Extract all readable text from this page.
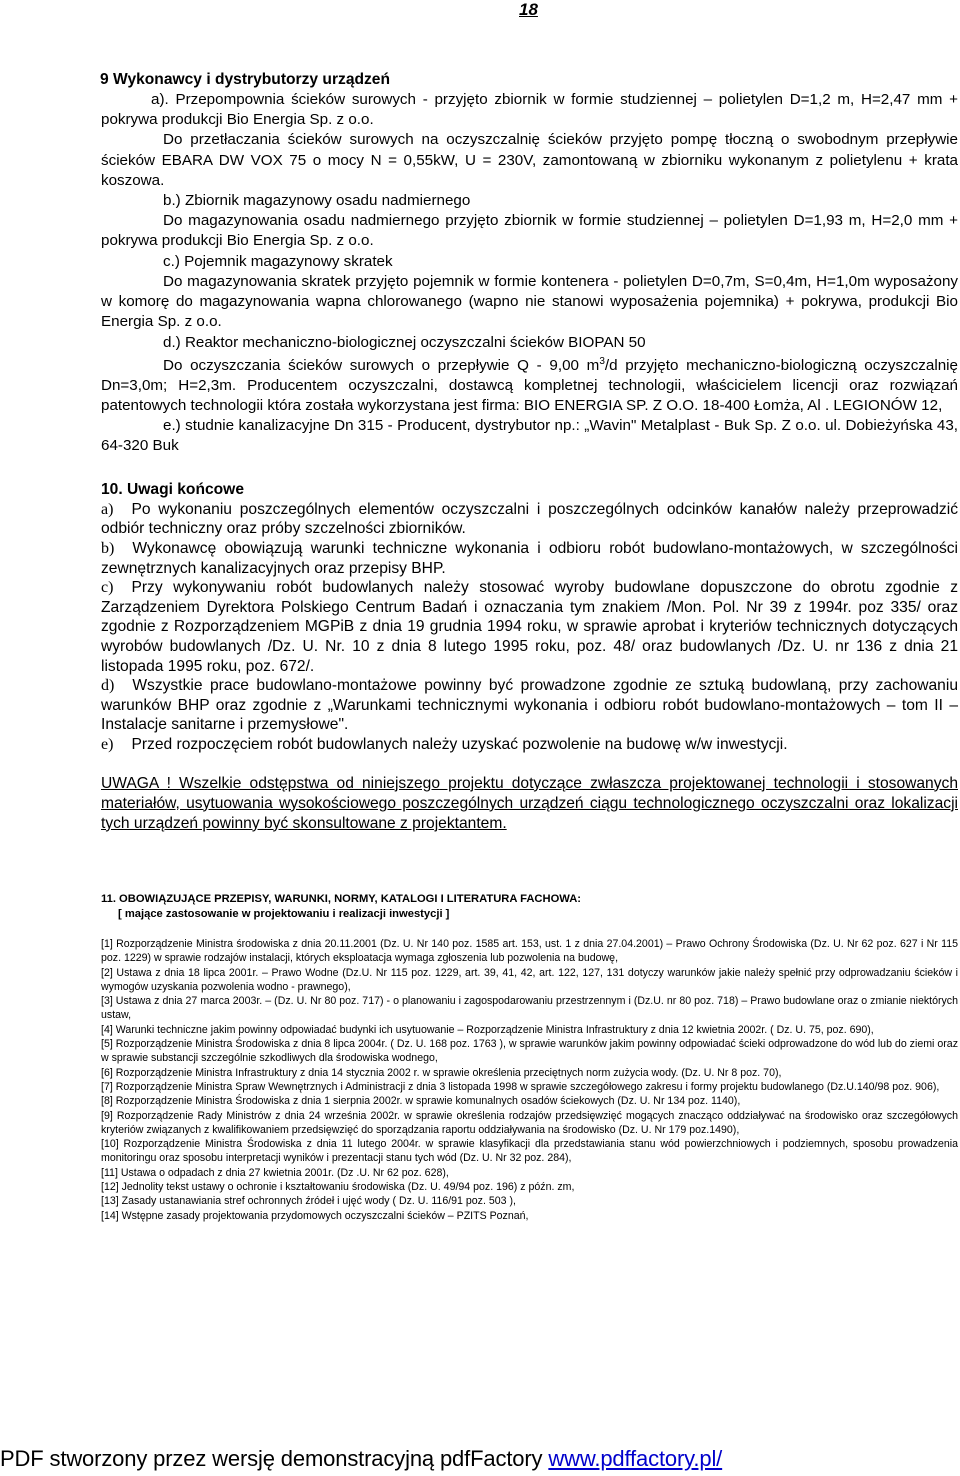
18

9 Wykonawcy i dystrybutorzy urządzeń

a). Przepompownia ścieków surowych - przyjęto zbiornik w formie studziennej – polietylen D=1,2 m, H=2,47 mm + pokrywa produkcji Bio Energia Sp. z o.o.

Do przetłaczania ścieków surowych na oczyszczalnię ścieków przyjęto pompę tłoczną o swobodnym przepływie ścieków EBARA DW VOX 75 o mocy N = 0,55kW, U = 230V, zamontowaną w zbiorniku wykonanym z polietylenu + krata koszowa.

b.) Zbiornik magazynowy osadu nadmiernego

Do magazynowania osadu nadmiernego przyjęto zbiornik w formie studziennej – polietylen D=1,93 m, H=2,0 mm + pokrywa produkcji Bio Energia Sp. z o.o.

c.) Pojemnik magazynowy skratek

Do magazynowania skratek przyjęto pojemnik w formie kontenera - polietylen D=0,7m, S=0,4m, H=1,0m wyposażony w komorę do magazynowania wapna chlorowanego (wapno nie stanowi wyposażenia pojemnika) + pokrywa, produkcji Bio Energia Sp. z o.o.

d.) Reaktor mechaniczno-biologicznej oczyszczalni ścieków BIOPAN 50

Do oczyszczania ścieków surowych o przepływie Q - 9,00 $m^3/d$ przyjęto mechaniczno-biologiczną oczyszczalnię Dn=3,0m; H=2,3m. Producentem oczyszczalni, dostawcą kompletnej technologii, właścicielem licencji oraz rozwiązań patentowych technologii która została wykorzystana jest firma: BIO ENERGIA SP. Z O.O. 18-400 Łomża, Al . LEGIONÓW 12,

e.) studnie kanalizacyjne Dn 315 - Producent, dystrybutor np.: „Wavin" Metalplast - Buk Sp. Z o.o. ul. Dobieżyńska 43, 64-320 Buk

10. Uwagi końcowe

a) Po wykonaniu poszczególnych elementów oczyszczalni i poszczególnych odcinków kanałów należy przeprowadzić odbiór techniczny oraz próby szczelności zbiorników.

b) Wykonawcę obowiązują warunki techniczne wykonania i odbioru robót budowlano-montażowych, w szczególności zewnętrznych kanalizacyjnych oraz przepisy BHP.

c) Przy wykonywaniu robót budowlanych należy stosować wyroby budowlane dopuszczone do obrotu zgodnie z Zarządzeniem Dyrektora Polskiego Centrum Badań i oznaczania tym znakiem /Mon. Pol. Nr 39 z 1994r. poz 335/ oraz zgodnie z Rozporządzeniem MGPiB z dnia 19 grudnia 1994 roku, w sprawie aprobat i kryteriów technicznych dotyczących wyrobów budowlanych /Dz. U. Nr. 10 z dnia 8 lutego 1995 roku, poz. 48/ oraz budowlanych /Dz. U. nr 136 z dnia 21 listopada 1995 roku, poz. 672/.

d) Wszystkie prace budowlano-montażowe powinny być prowadzone zgodnie ze sztuką budowlaną, przy zachowaniu warunków BHP oraz zgodnie z „Warunkami technicznymi wykonania i odbioru robót budowlano-montażowych – tom II – Instalacje sanitarne i przemysłowe".

e) Przed rozpoczęciem robót budowlanych należy uzyskać pozwolenie na budowę w/w inwestycji.

UWAGA ! Wszelkie odstępstwa od niniejszego projektu dotyczące zwłaszcza projektowanej technologii i stosowanych materiałów, usytuowania wysokościowego poszczególnych urządzeń ciągu technologicznego oczyszczalni oraz lokalizacji tych urządzeń powinny być skonsultowane z projektantem.

11. OBOWIĄZUJĄCE PRZEPISY, WARUNKI, NORMY, KATALOGI I LITERATURA FACHOWA:
[ mające zastosowanie w projektowaniu i realizacji inwestycji ]

[1] Rozporządzenie Ministra środowiska z dnia 20.11.2001 (Dz. U. Nr 140 poz. 1585 art. 153, ust. 1 z dnia 27.04.2001) – Prawo Ochrony Środowiska (Dz. U. Nr 62 poz. 627 i Nr 115 poz. 1229) w sprawie rodzajów instalacji, których eksploatacja wymaga zgłoszenia lub pozwolenia na budowę,

[2] Ustawa z dnia 18 lipca 2001r. – Prawo Wodne (Dz.U. Nr 115 poz. 1229, art. 39, 41, 42, art. 122, 127, 131 dotyczy warunków jakie należy spełnić przy odprowadzaniu ścieków i wymogów uzyskania pozwolenia wodno - prawnego),

[3] Ustawa z dnia 27 marca 2003r. – (Dz. U. Nr 80 poz. 717) - o planowaniu i zagospodarowaniu przestrzennym i (Dz.U. nr 80 poz. 718) – Prawo budowlane oraz o zmianie niektórych ustaw,

[4] Warunki techniczne jakim powinny odpowiadać budynki ich usytuowanie – Rozporządzenie Ministra Infrastruktury z dnia 12 kwietnia 2002r. ( Dz. U. 75, poz. 690),

[5] Rozporządzenie Ministra Środowiska z dnia 8 lipca 2004r. ( Dz. U. 168 poz. 1763 ), w sprawie warunków jakim powinny odpowiadać ścieki odprowadzone do wód lub do ziemi oraz w sprawie substancji szczególnie szkodliwych dla środowiska wodnego,

[6] Rozporządzenie Ministra Infrastruktury z dnia 14 stycznia 2002 r. w sprawie określenia przeciętnych norm zużycia wody. (Dz. U. Nr 8 poz. 70),

[7] Rozporządzenie Ministra Spraw Wewnętrznych i Administracji z dnia 3 listopada 1998 w sprawie szczegółowego zakresu i formy projektu budowlanego (Dz.U.140/98 poz. 906),

[8] Rozporządzenie Ministra Środowiska z dnia 1 sierpnia 2002r. w sprawie komunalnych osadów ściekowych (Dz. U. Nr 134 poz. 1140),

[9] Rozporządzenie Rady Ministrów z dnia 24 września 2002r. w sprawie określenia rodzajów przedsięwzięć mogących znacząco oddziaływać na środowisko oraz szczegółowych kryteriów związanych z kwalifikowaniem przedsięwzięć do sporządzania raportu oddziaływania na środowisko (Dz. U. Nr 179 poz.1490),

[10] Rozporządzenie Ministra Środowiska z dnia 11 lutego 2004r. w sprawie klasyfikacji dla przedstawiania stanu wód powierzchniowych i podziemnych, sposobu prowadzenia monitoringu oraz sposobu interpretacji wyników i prezentacji stanu tych wód (Dz. U. Nr 32 poz. 284),

[11] Ustawa o odpadach z dnia 27 kwietnia 2001r. (Dz .U. Nr 62 poz. 628),

[12] Jednolity tekst ustawy o ochronie i kształtowaniu środowiska (Dz. U. 49/94 poz. 196) z późn. zm,

[13] Zasady ustanawiania stref ochronnych źródeł i ujęć wody ( Dz. U. 116/91 poz. 503 ),

[14] Wstępne zasady projektowania przydomowych oczyszczalni ścieków – PZITS Poznań,

PDF stworzony przez wersję demonstracyjną pdfFactory www.pdffactory.pl/
